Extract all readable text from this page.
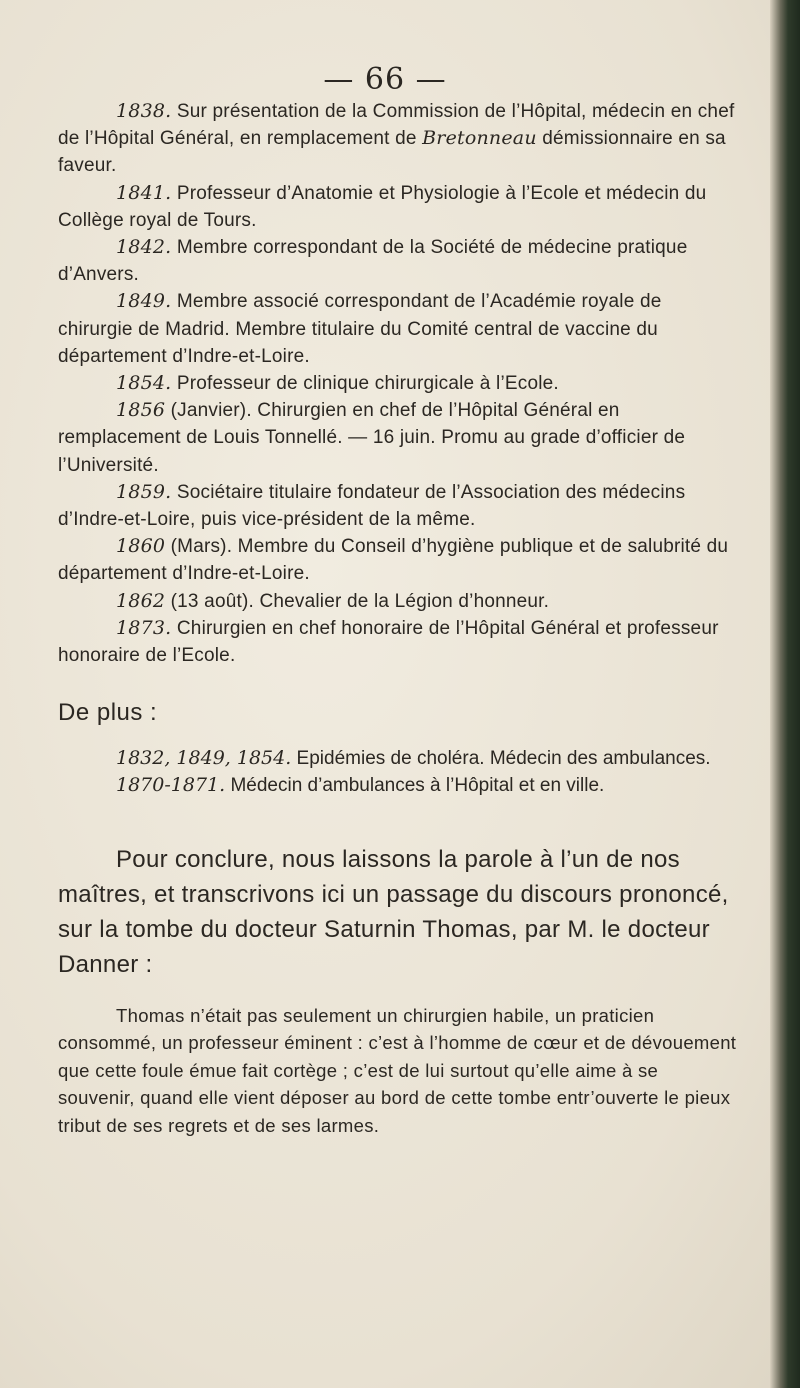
— 66 —

1838. Sur présentation de la Commission de l’Hôpital, médecin en chef de l’Hôpital Général, en remplacement de Bretonneau démissionnaire en sa faveur.

1841. Professeur d’Anatomie et Physiologie à l’Ecole et médecin du Collège royal de Tours.

1842. Membre correspondant de la Société de médecine pratique d’Anvers.

1849. Membre associé correspondant de l’Académie royale de chirurgie de Madrid. Membre titulaire du Comité central de vaccine du département d’Indre-et-Loire.

1854. Professeur de clinique chirurgicale à l’Ecole.

1856 (Janvier). Chirurgien en chef de l’Hôpital Général en remplacement de Louis Tonnellé. — 16 juin. Promu au grade d’officier de l’Université.

1859. Sociétaire titulaire fondateur de l’Association des médecins d’Indre-et-Loire, puis vice-président de la même.

1860 (Mars). Membre du Conseil d’hygiène publique et de salubrité du département d’Indre-et-Loire.

1862 (13 août). Chevalier de la Légion d’honneur.

1873. Chirurgien en chef honoraire de l’Hôpital Général et professeur honoraire de l’Ecole.

De plus :

1832, 1849, 1854. Epidémies de choléra. Médecin des ambulances.

1870-1871. Médecin d’ambulances à l’Hôpital et en ville.

Pour conclure, nous laissons la parole à l’un de nos maîtres, et transcrivons ici un passage du discours prononcé, sur la tombe du docteur Saturnin Thomas, par M. le docteur Danner :

Thomas n’était pas seulement un chirurgien habile, un praticien consommé, un professeur éminent : c’est à l’homme de cœur et de dévouement que cette foule émue fait cortège ; c’est de lui surtout qu’elle aime à se souvenir, quand elle vient déposer au bord de cette tombe entr’ouverte le pieux tribut de ses regrets et de ses larmes.
